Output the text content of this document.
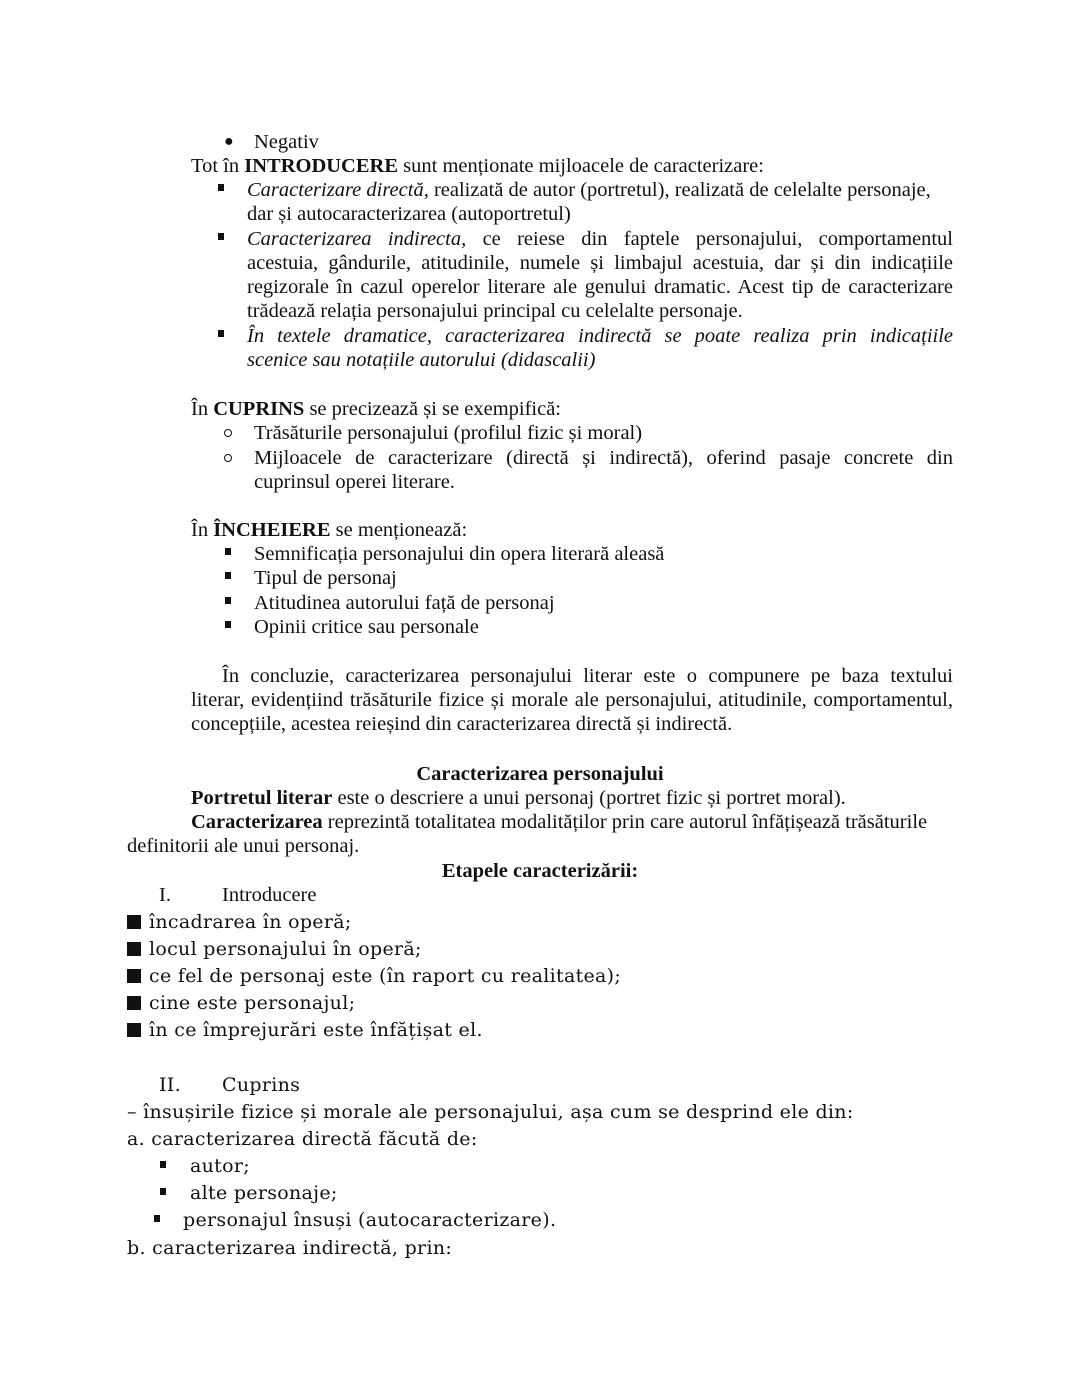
● Negativ
Tot în INTRODUCERE sunt menționate mijloacele de caracterizare:
Caracterizare directă, realizată de autor (portretul), realizată de celelalte personaje,
dar și autocaracterizarea (autoportretul)
Caracterizarea indirecta, ce reiese din faptele personajului, comportamentul
acestuia, gândurile, atitudinile, numele și limbajul acestuia, dar și din indicațiile
regizorale în cazul operelor literare ale genului dramatic. Acest tip de caracterizare
trădează relația personajului principal cu celelalte personaje.
În textele dramatice, caracterizarea indirectă se poate realiza prin indicațiile
scenice sau notațiile autorului (didascalii)
În CUPRINS se precizează și se exempifică:
Trăsăturile personajului (profilul fizic și moral)
Mijloacele de caracterizare (directă și indirectă), oferind pasaje concrete din
cuprinsul operei literare.
În ÎNCHEIERE se menționează:
Semnificația personajului din opera literară aleasă
Tipul de personaj
Atitudinea autorului față de personaj
Opinii critice sau personale
În concluzie, caracterizarea personajului literar este o compunere pe baza textului
literar, evidențiind trăsăturile fizice și morale ale personajului, atitudinile, comportamentul,
concepțiile, acestea reieșind din caracterizarea directă și indirectă.
Caracterizarea personajului
Portretul literar este o descriere a unui personaj (portret fizic și portret moral).
Caracterizarea reprezintă totalitatea modalităților prin care autorul înfățișează trăsăturile
definitorii ale unui personaj.
Etapele caracterizării:
I. Introducere
încadrarea în operă;
locul personajului în operă;
ce fel de personaj este (în raport cu realitatea);
cine este personajul;
în ce împrejurări este înfățișat el.
II. Cuprins
– însușirile fizice și morale ale personajului, așa cum se desprind ele din:
a. caracterizarea directă făcută de:
autor;
alte personaje;
personajul însuși (autocaracterizare).
b. caracterizarea indirectă, prin:
